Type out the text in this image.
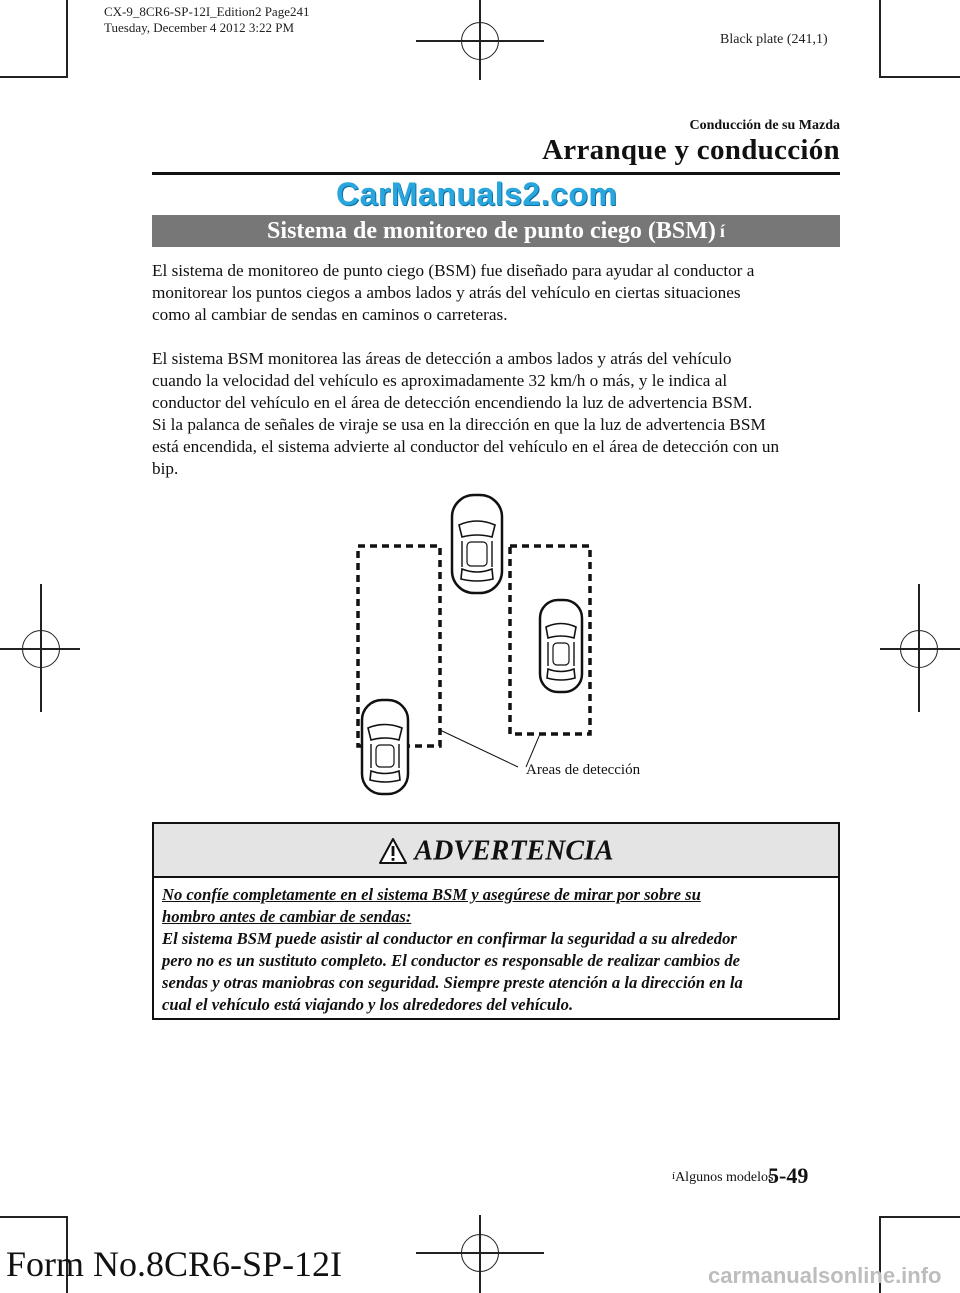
CX-9_8CR6-SP-12I_Edition2 Page241
Tuesday, December 4 2012 3:22 PM
Black plate (241,1)
Conducción de su Mazda
Arranque y conducción
CarManuals2.com
Sistema de monitoreo de punto ciego (BSM) $^í$

El sistema de monitoreo de punto ciego (BSM) fue diseñado para ayudar al conductor a
monitorear los puntos ciegos a ambos lados y atrás del vehículo en ciertas situaciones
como al cambiar de sendas en caminos o carreteras.

El sistema BSM monitorea las áreas de detección a ambos lados y atrás del vehículo
cuando la velocidad del vehículo es aproximadamente 32 km/h o más, y le indica al
conductor del vehículo en el área de detección encendiendo la luz de advertencia BSM.
Si la palanca de señales de viraje se usa en la dirección en que la luz de advertencia BSM
está encendida, el sistema advierte al conductor del vehículo en el área de detección con un
bip.

Areas de detección
ADVERTENCIA
No confíe completamente en el sistema BSM y asegúrese de mirar por sobre su
hombro antes de cambiar de sendas:
El sistema BSM puede asistir al conductor en confirmar la seguridad a su alrededor
pero no es un sustituto completo. El conductor es responsable de realizar cambios de
sendas y otras maniobras con seguridad. Siempre preste atención a la dirección en la
cual el vehículo está viajando y los alrededores del vehículo.
$^í$Algunos modelos.
5-49
Form No.8CR6-SP-12I	carmanualsonline.info
